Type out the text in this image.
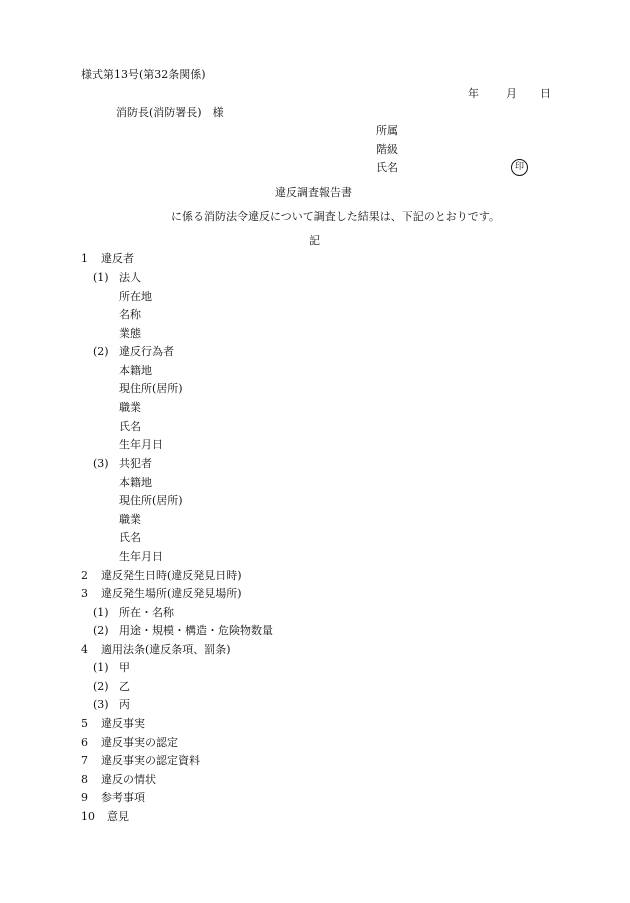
様式第13号(第32条関係)
年 月 日
消防長(消防署長)　様
所属
階級
氏名	印
違反調査報告書
に係る消防法令違反について調査した結果は、下記のとおりです。
記
1 違反者
(1) 法人
所在地
名称
業態
(2) 違反行為者
本籍地
現住所(居所)
職業
氏名
生年月日
(3) 共犯者
本籍地
現住所(居所)
職業
氏名
生年月日
2 違反発生日時(違反発見日時)
3 違反発生場所(違反発見場所)
(1) 所在・名称
(2) 用途・規模・構造・危険物数量
4 適用法条(違反条項、罰条)
(1) 甲
(2) 乙
(3) 丙
5 違反事実
6 違反事実の認定
7 違反事実の認定資料
8 違反の情状
9 参考事項
10 意見
